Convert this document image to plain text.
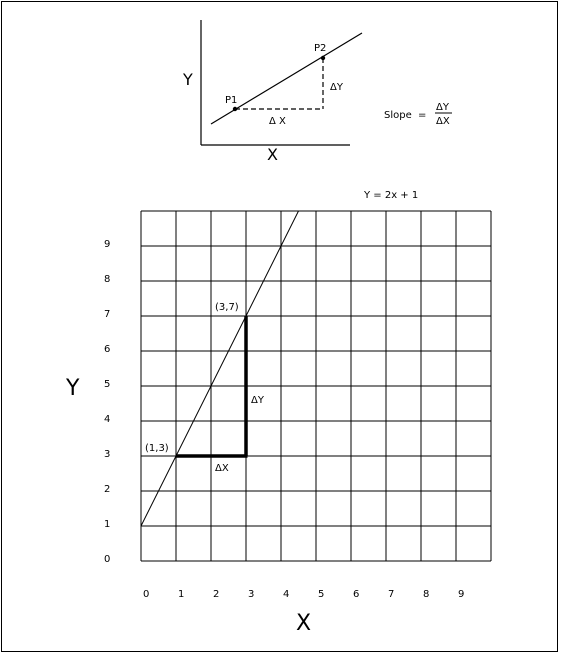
Y
X
P1
P2
Δ X
ΔY
Slope =
ΔY
ΔX
0	1	2	3	4	5	6	7	8	9
0
1
2
3
4
5
6
7
8
9
Y = 2x + 1
Y
X
(1,3)
(3,7)
ΔX
ΔY
